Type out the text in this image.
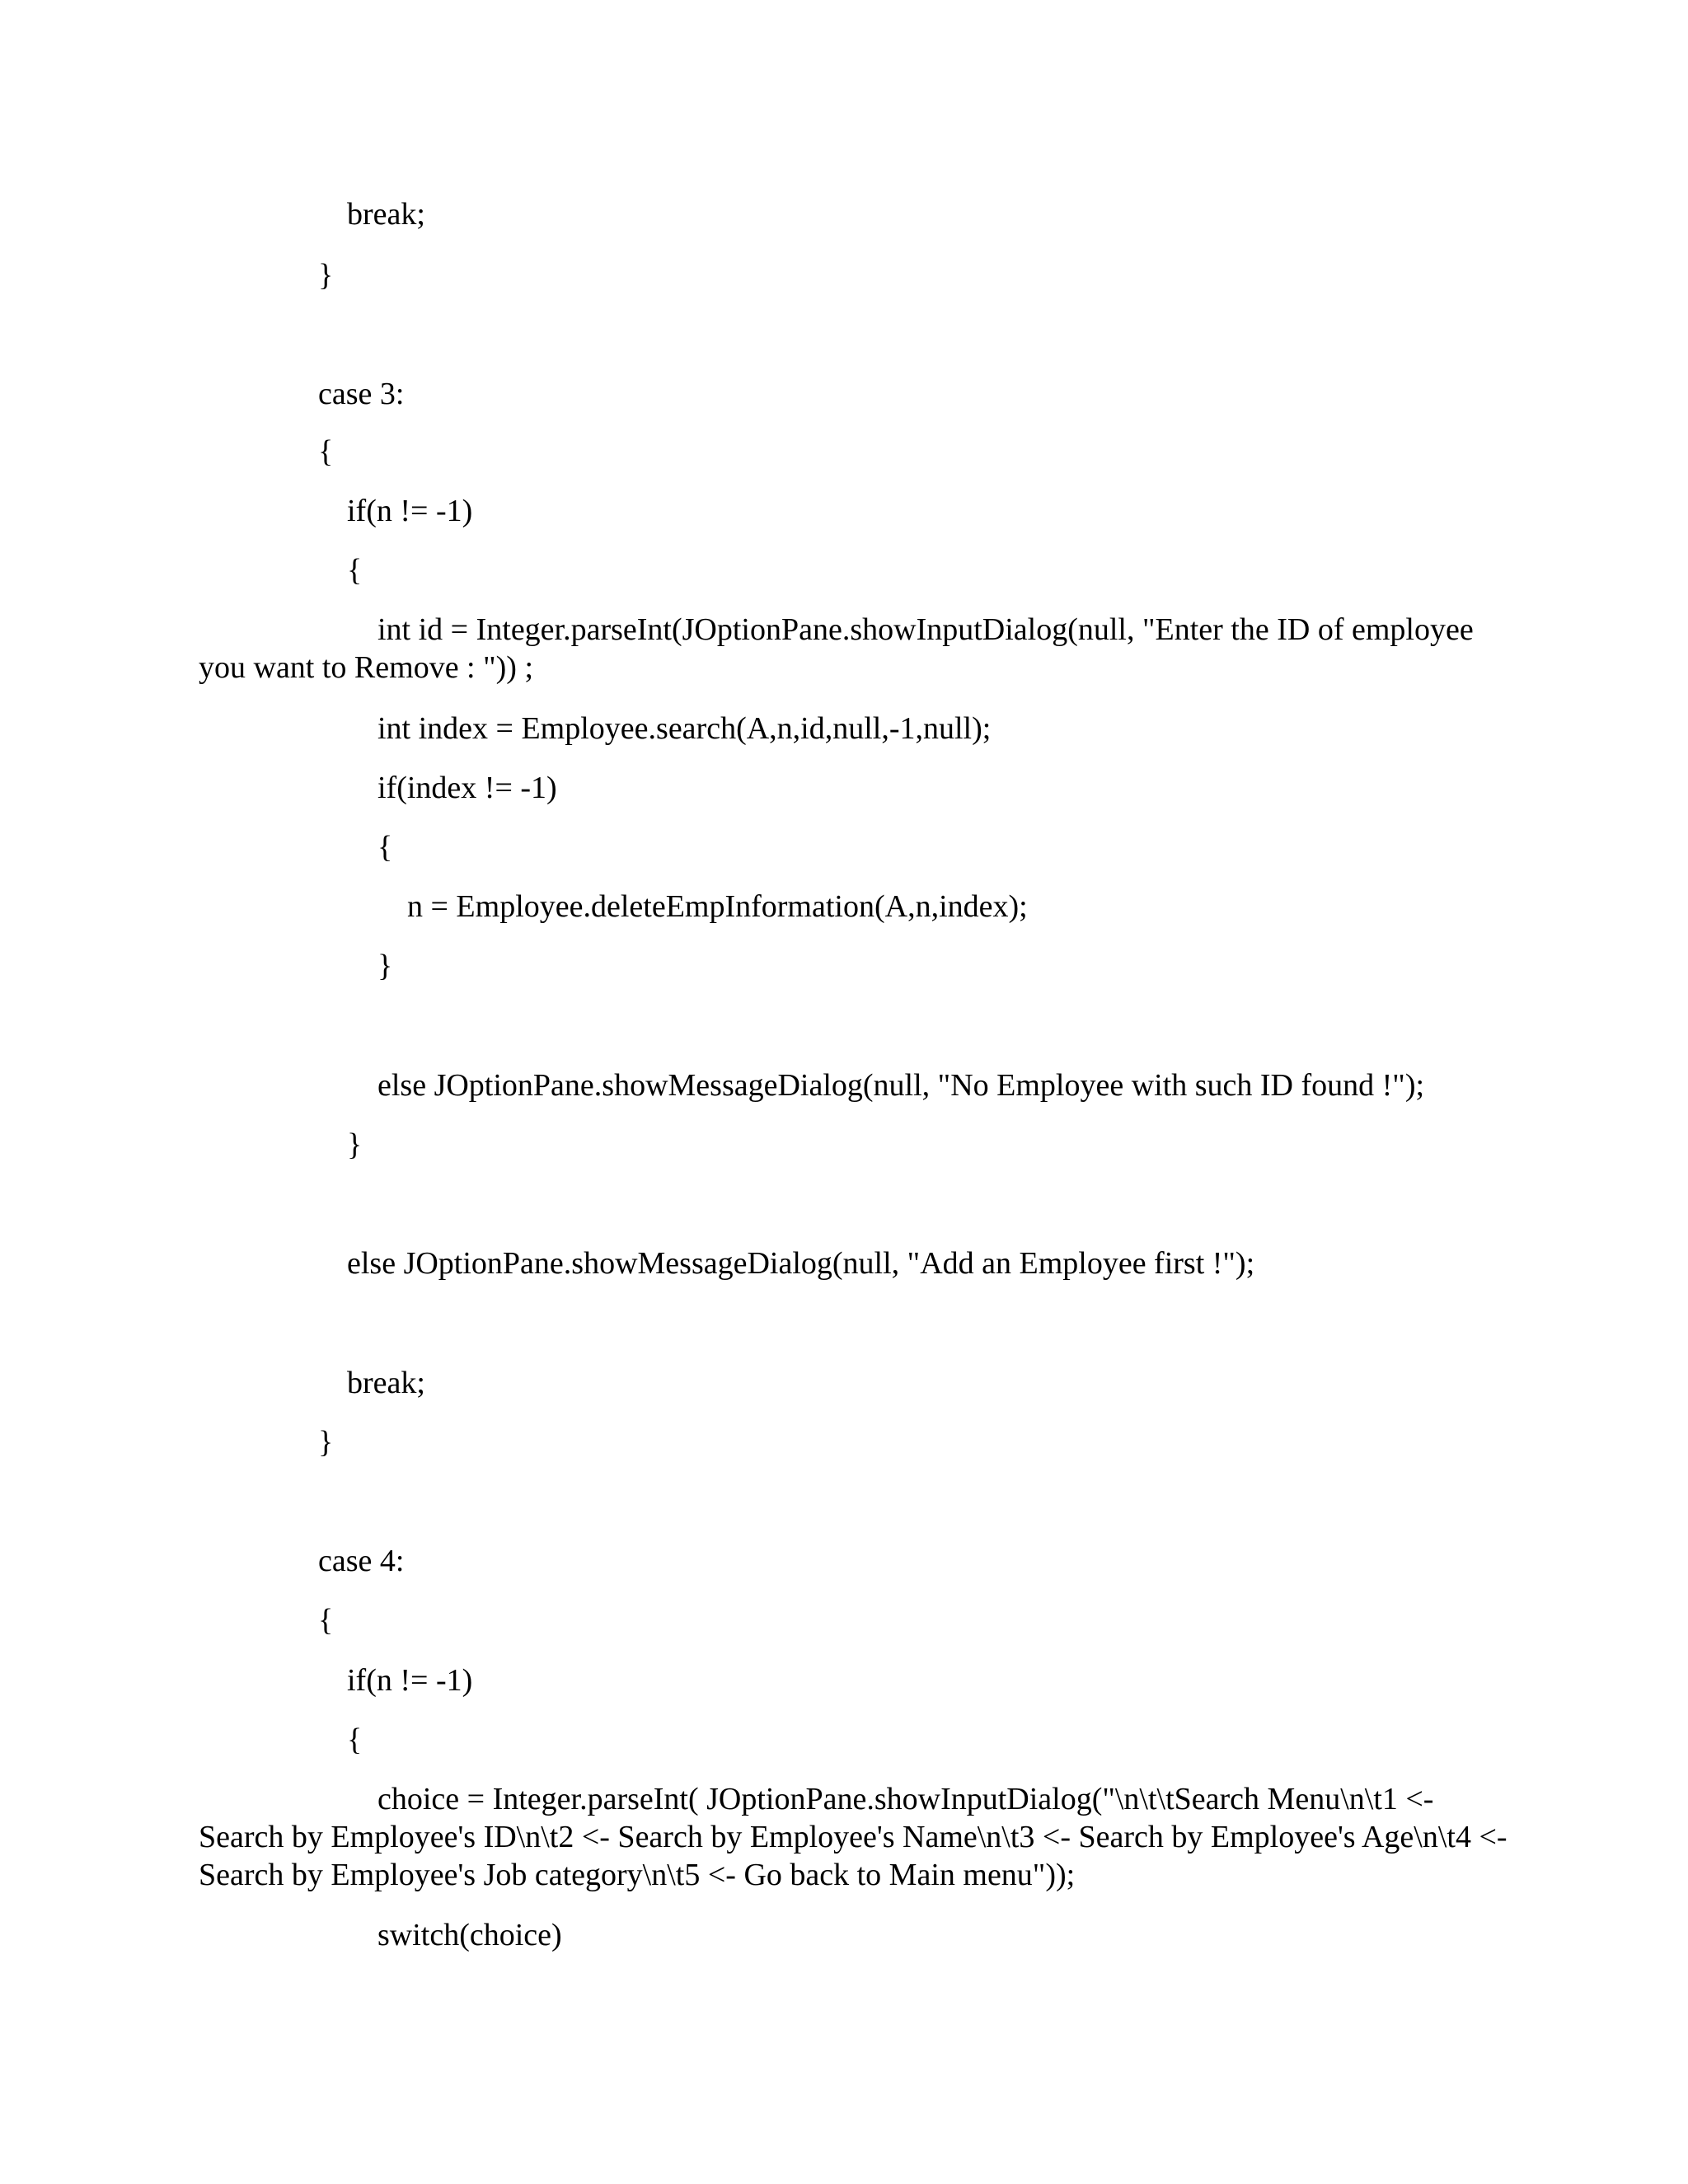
break;

}

case 3:

{

if(n != -1)

{

int id = Integer.parseInt(JOptionPane.showInputDialog(null, "Enter the ID of employee
you want to Remove : ")) ;

int index = Employee.search(A,n,id,null,-1,null);

if(index != -1)

{

n = Employee.deleteEmpInformation(A,n,index);

}

else JOptionPane.showMessageDialog(null, "No Employee with such ID found !");

}

else JOptionPane.showMessageDialog(null, "Add an Employee first !");

break;

}

case 4:

{

if(n != -1)

{

choice = Integer.parseInt( JOptionPane.showInputDialog("\n\t\tSearch Menu\n\t1 <-
Search by Employee's ID\n\t2 <- Search by Employee's Name\n\t3 <- Search by Employee's Age\n\t4 <-
Search by Employee's Job category\n\t5 <- Go back to Main menu"));

switch(choice)
